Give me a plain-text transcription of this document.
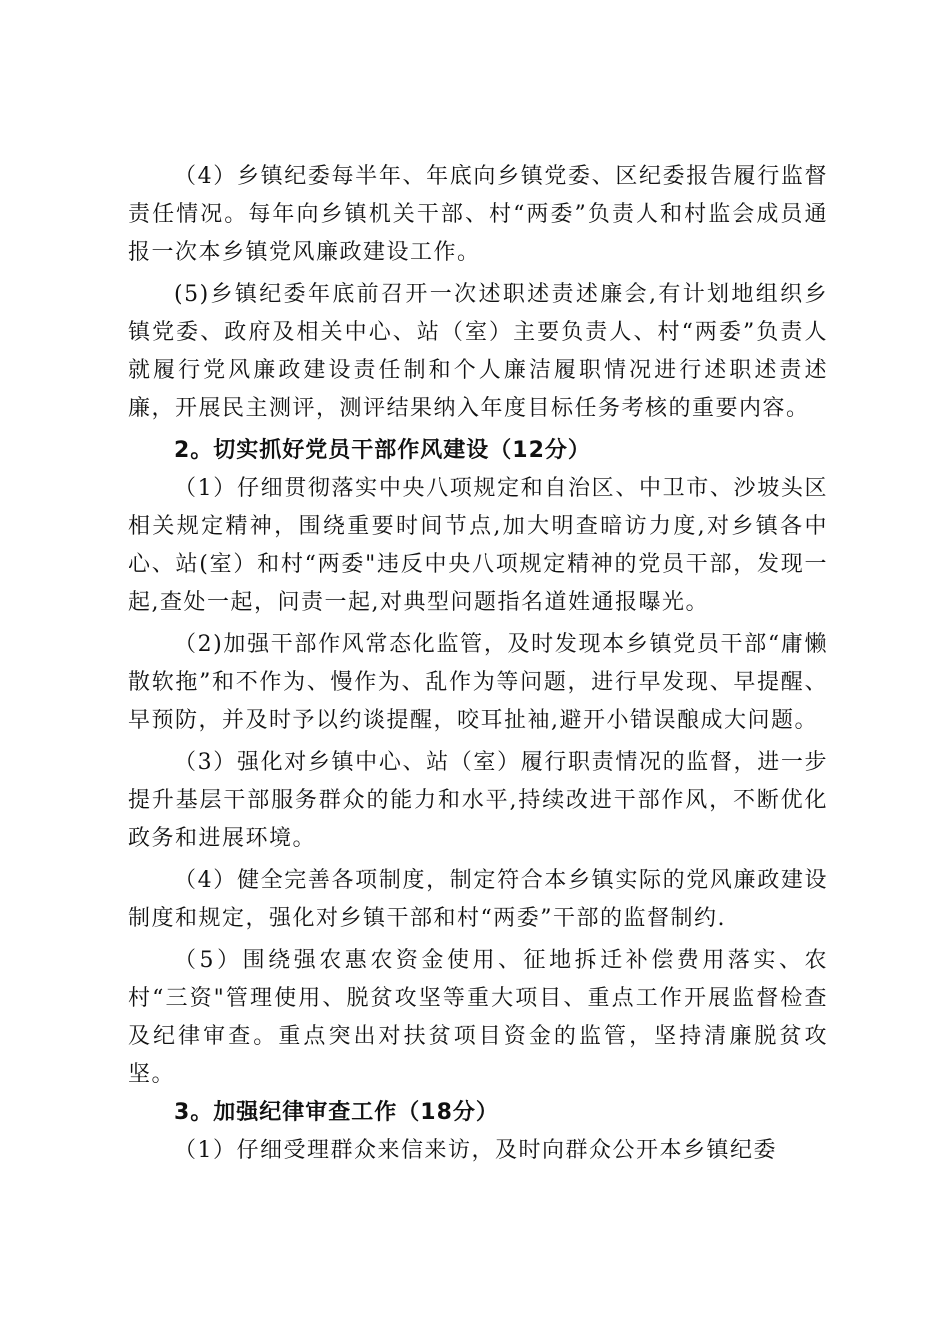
（4）乡镇纪委每半年、年底向乡镇党委、区纪委报告履行监督责任情况。每年向乡镇机关干部、村“两委”负责人和村监会成员通报一次本乡镇党风廉政建设工作。

(5)乡镇纪委年底前召开一次述职述责述廉会,有计划地组织乡镇党委、政府及相关中心、站（室）主要负责人、村“两委”负责人就履行党风廉政建设责任制和个人廉洁履职情况进行述职述责述廉，开展民主测评，测评结果纳入年度目标任务考核的重要内容。

2。切实抓好党员干部作风建设（12分）

（1）仔细贯彻落实中央八项规定和自治区、中卫市、沙坡头区相关规定精神，围绕重要时间节点,加大明查暗访力度,对乡镇各中心、站(室）和村“两委"违反中央八项规定精神的党员干部，发现一起,查处一起，问责一起,对典型问题指名道姓通报曝光。

（2)加强干部作风常态化监管，及时发现本乡镇党员干部“庸懒散软拖”和不作为、慢作为、乱作为等问题，进行早发现、早提醒、早预防，并及时予以约谈提醒，咬耳扯袖,避开小错误酿成大问题。

（3）强化对乡镇中心、站（室）履行职责情况的监督，进一步提升基层干部服务群众的能力和水平,持续改进干部作风，不断优化政务和进展环境。

（4）健全完善各项制度，制定符合本乡镇实际的党风廉政建设制度和规定，强化对乡镇干部和村“两委”干部的监督制约.

（5）围绕强农惠农资金使用、征地拆迁补偿费用落实、农村“三资"管理使用、脱贫攻坚等重大项目、重点工作开展监督检查及纪律审查。重点突出对扶贫项目资金的监管，坚持清廉脱贫攻坚。

3。加强纪律审查工作（18分）

（1）仔细受理群众来信来访，及时向群众公开本乡镇纪委
